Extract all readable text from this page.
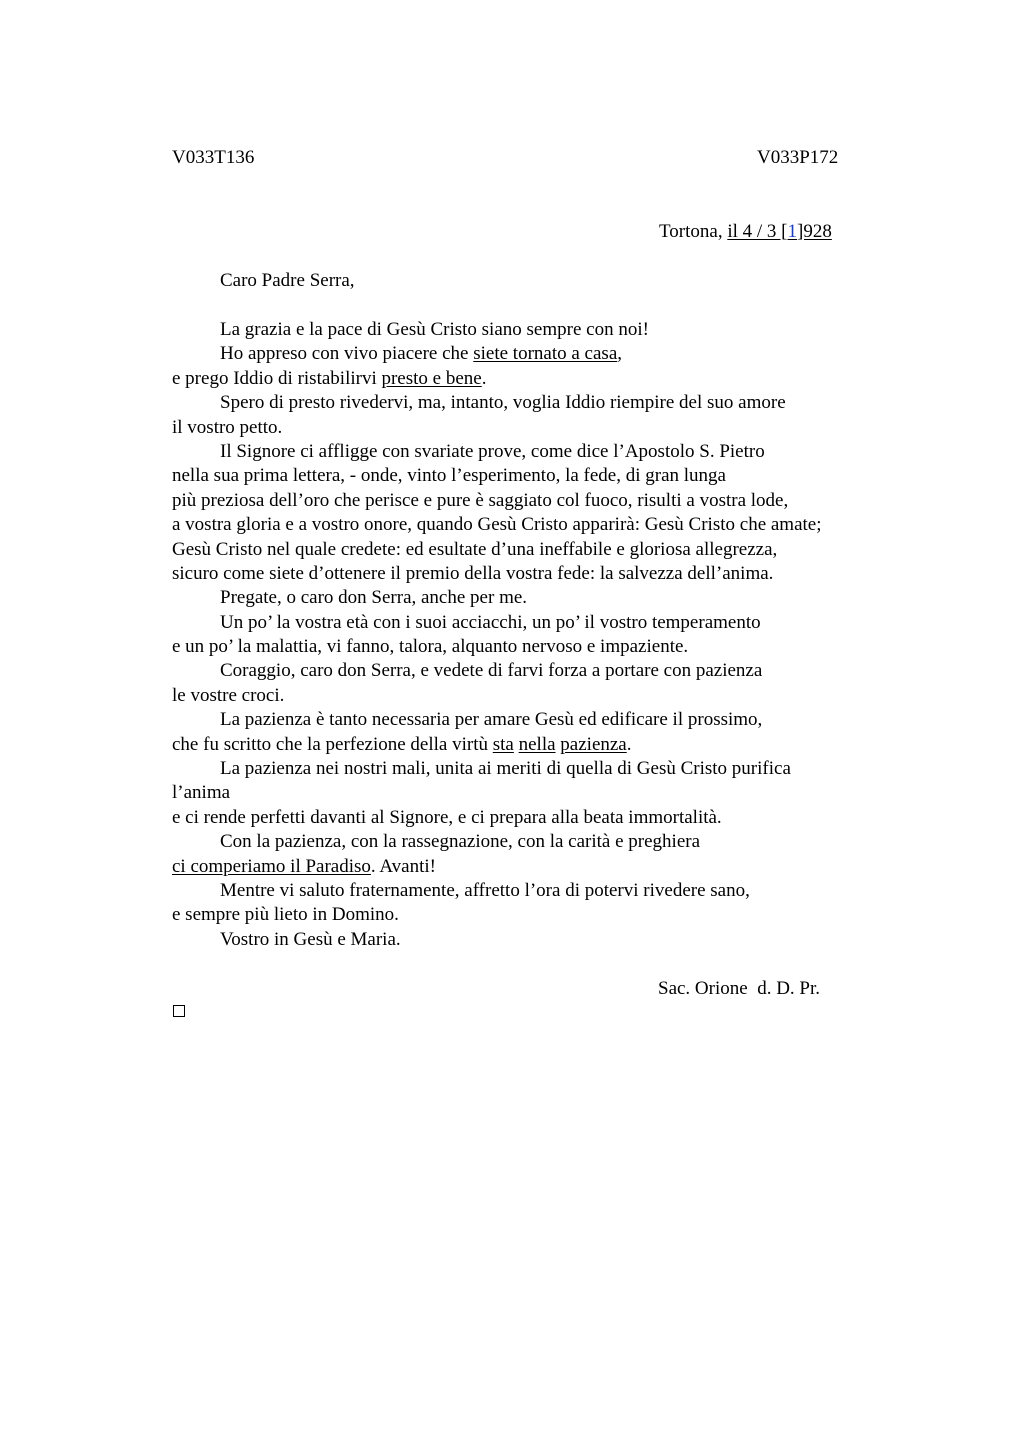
V033T136	V033P172
Tortona, il 4 / 3 [1]928
Caro Padre Serra,
La grazia e la pace di Gesù Cristo siano sempre con noi!
Ho appreso con vivo piacere che siete tornato a casa,
e prego Iddio di ristabilirvi presto e bene.
Spero di presto rivedervi, ma, intanto, voglia Iddio riempire del suo amore
il vostro petto.
Il Signore ci affligge con svariate prove, come dice l’Apostolo S. Pietro
nella sua prima lettera, - onde, vinto l’esperimento, la fede, di gran lunga
più preziosa dell’oro che perisce e pure è saggiato col fuoco, risulti a vostra lode,
a vostra gloria e a vostro onore, quando Gesù Cristo apparirà: Gesù Cristo che amate;
Gesù Cristo nel quale credete: ed esultate d’una ineffabile e gloriosa allegrezza,
sicuro come siete d’ottenere il premio della vostra fede: la salvezza dell’anima.
Pregate, o caro don Serra, anche per me.
Un po’ la vostra età con i suoi acciacchi, un po’ il vostro temperamento
e un po’ la malattia, vi fanno, talora, alquanto nervoso e impaziente.
Coraggio, caro don Serra, e vedete di farvi forza a portare con pazienza
le vostre croci.
La pazienza è tanto necessaria per amare Gesù ed edificare il prossimo,
che fu scritto che la perfezione della virtù sta nella pazienza.
La pazienza nei nostri mali, unita ai meriti di quella di Gesù Cristo purifica
l’anima
e ci rende perfetti davanti al Signore, e ci prepara alla beata immortalità.
Con la pazienza, con la rassegnazione, con la carità e preghiera
ci comperiamo il Paradiso. Avanti!
Mentre vi saluto fraternamente, affretto l’ora di potervi rivedere sano,
e sempre più lieto in Domino.
Vostro in Gesù e Maria.
Sac. Orione  d. D. Pr.
